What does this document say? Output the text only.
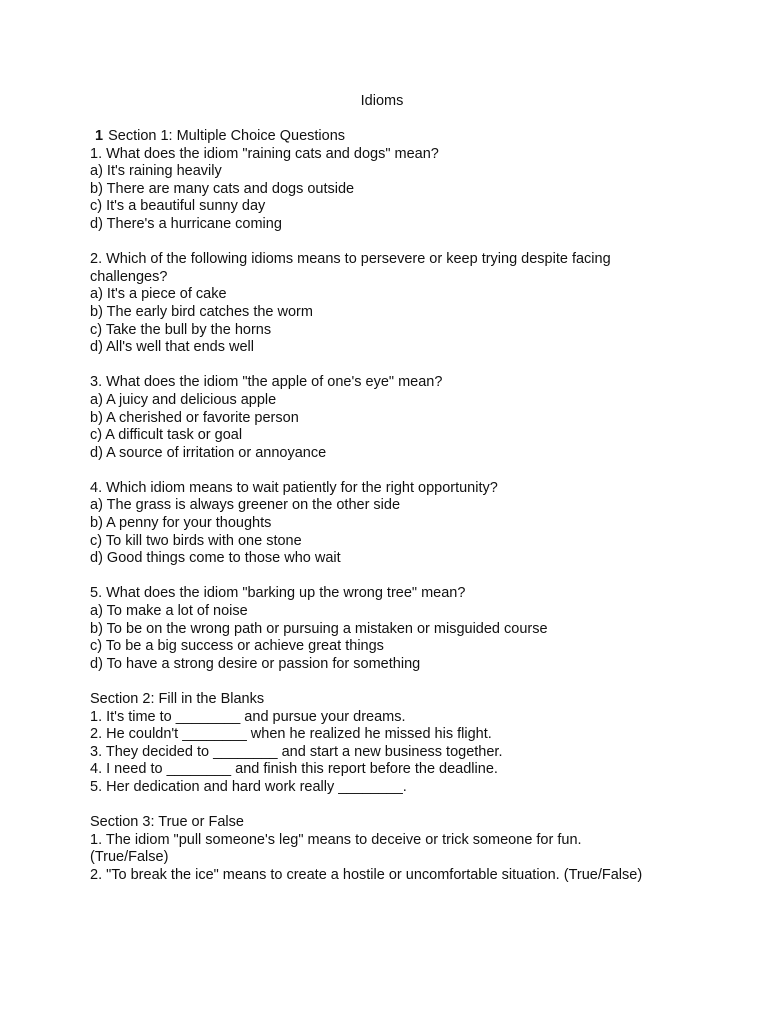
Idioms

1 Section 1: Multiple Choice Questions

1. What does the idiom "raining cats and dogs" mean?

a) It's raining heavily

b) There are many cats and dogs outside

c) It's a beautiful sunny day

d) There's a hurricane coming

2. Which of the following idioms means to persevere or keep trying despite facing challenges?

a) It's a piece of cake

b) The early bird catches the worm

c) Take the bull by the horns

d) All's well that ends well

3. What does the idiom "the apple of one's eye" mean?

a) A juicy and delicious apple

b) A cherished or favorite person

c) A difficult task or goal

d) A source of irritation or annoyance

4. Which idiom means to wait patiently for the right opportunity?

a) The grass is always greener on the other side

b) A penny for your thoughts

c) To kill two birds with one stone

d) Good things come to those who wait

5. What does the idiom "barking up the wrong tree" mean?

a) To make a lot of noise

b) To be on the wrong path or pursuing a mistaken or misguided course

c) To be a big success or achieve great things

d) To have a strong desire or passion for something

Section 2: Fill in the Blanks

1. It's time to ________ and pursue your dreams.

2. He couldn't ________ when he realized he missed his flight.

3. They decided to ________ and start a new business together.

4. I need to ________ and finish this report before the deadline.

5. Her dedication and hard work really ________.

Section 3: True or False

1. The idiom "pull someone's leg" means to deceive or trick someone for fun. (True/False)

2. "To break the ice" means to create a hostile or uncomfortable situation. (True/False)
